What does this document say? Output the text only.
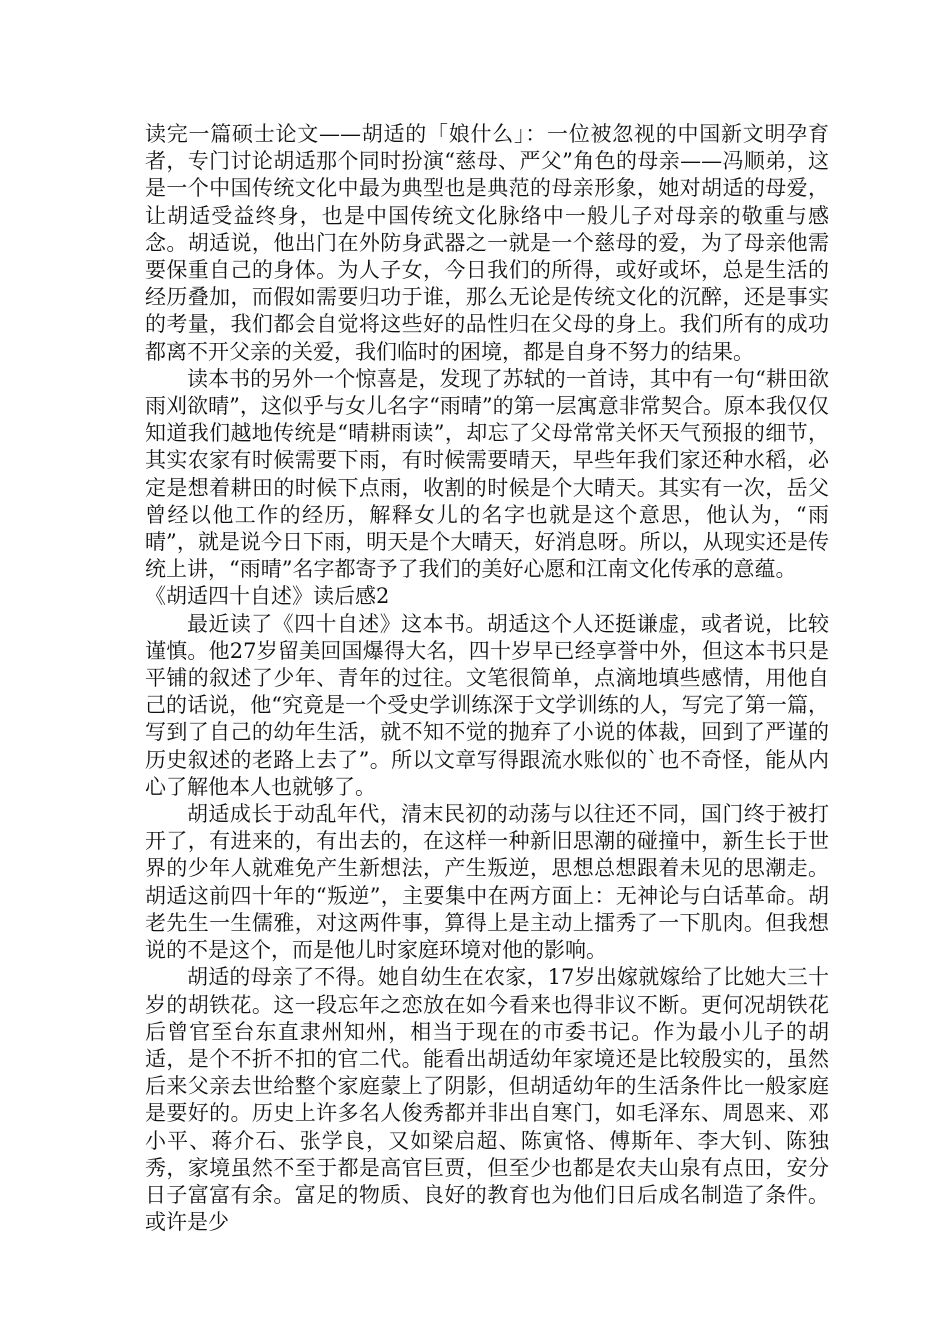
读完一篇硕士论文——胡适的「娘什么」：一位被忽视的中国新文明孕育者，专门讨论胡适那个同时扮演“慈母、严父”角色的母亲——冯顺弟，这是一个中国传统文化中最为典型也是典范的母亲形象，她对胡适的母爱，让胡适受益终身，也是中国传统文化脉络中一般儿子对母亲的敬重与感念。胡适说，他出门在外防身武器之一就是一个慈母的爱，为了母亲他需要保重自己的身体。为人子女，今日我们的所得，或好或坏，总是生活的经历叠加，而假如需要归功于谁，那么无论是传统文化的沉醉，还是事实的考量，我们都会自觉将这些好的品性归在父母的身上。我们所有的成功都离不开父亲的关爱，我们临时的困境，都是自身不努力的结果。

读本书的另外一个惊喜是，发现了苏轼的一首诗，其中有一句“耕田欲雨刈欲晴”，这似乎与女儿名字“雨晴”的第一层寓意非常契合。原本我仅仅知道我们越地传统是“晴耕雨读”，却忘了父母常常关怀天气预报的细节，其实农家有时候需要下雨，有时候需要晴天，早些年我们家还种水稻，必定是想着耕田的时候下点雨，收割的时候是个大晴天。其实有一次，岳父曾经以他工作的经历，解释女儿的名字也就是这个意思，他认为，“雨晴”，就是说今日下雨，明天是个大晴天，好消息呀。所以，从现实还是传统上讲，“雨晴”名字都寄予了我们的美好心愿和江南文化传承的意蕴。

《胡适四十自述》读后感2

最近读了《四十自述》这本书。胡适这个人还挺谦虚，或者说，比较谨慎。他27岁留美回国爆得大名，四十岁早已经享誉中外，但这本书只是平铺的叙述了少年、青年的过往。文笔很简单，点滴地填些感情，用他自己的话说，他“究竟是一个受史学训练深于文学训练的人，写完了第一篇，写到了自己的幼年生活，就不知不觉的抛弃了小说的体裁，回到了严谨的历史叙述的老路上去了”。所以文章写得跟流水账似的`也不奇怪，能从内心了解他本人也就够了。

胡适成长于动乱年代，清末民初的动荡与以往还不同，国门终于被打开了，有进来的，有出去的，在这样一种新旧思潮的碰撞中，新生长于世界的少年人就难免产生新想法，产生叛逆，思想总想跟着未见的思潮走。胡适这前四十年的“叛逆”，主要集中在两方面上：无神论与白话革命。胡老先生一生儒雅，对这两件事，算得上是主动上擂秀了一下肌肉。但我想说的不是这个，而是他儿时家庭环境对他的影响。

胡适的母亲了不得。她自幼生在农家，17岁出嫁就嫁给了比她大三十岁的胡铁花。这一段忘年之恋放在如今看来也得非议不断。更何况胡铁花后曾官至台东直隶州知州，相当于现在的市委书记。作为最小儿子的胡适，是个不折不扣的官二代。能看出胡适幼年家境还是比较殷实的，虽然后来父亲去世给整个家庭蒙上了阴影，但胡适幼年的生活条件比一般家庭是要好的。历史上许多名人俊秀都并非出自寒门，如毛泽东、周恩来、邓小平、蒋介石、张学良，又如梁启超、陈寅恪、傅斯年、李大钊、陈独秀，家境虽然不至于都是高官巨贾，但至少也都是农夫山泉有点田，安分日子富富有余。富足的物质、良好的教育也为他们日后成名制造了条件。或许是少
